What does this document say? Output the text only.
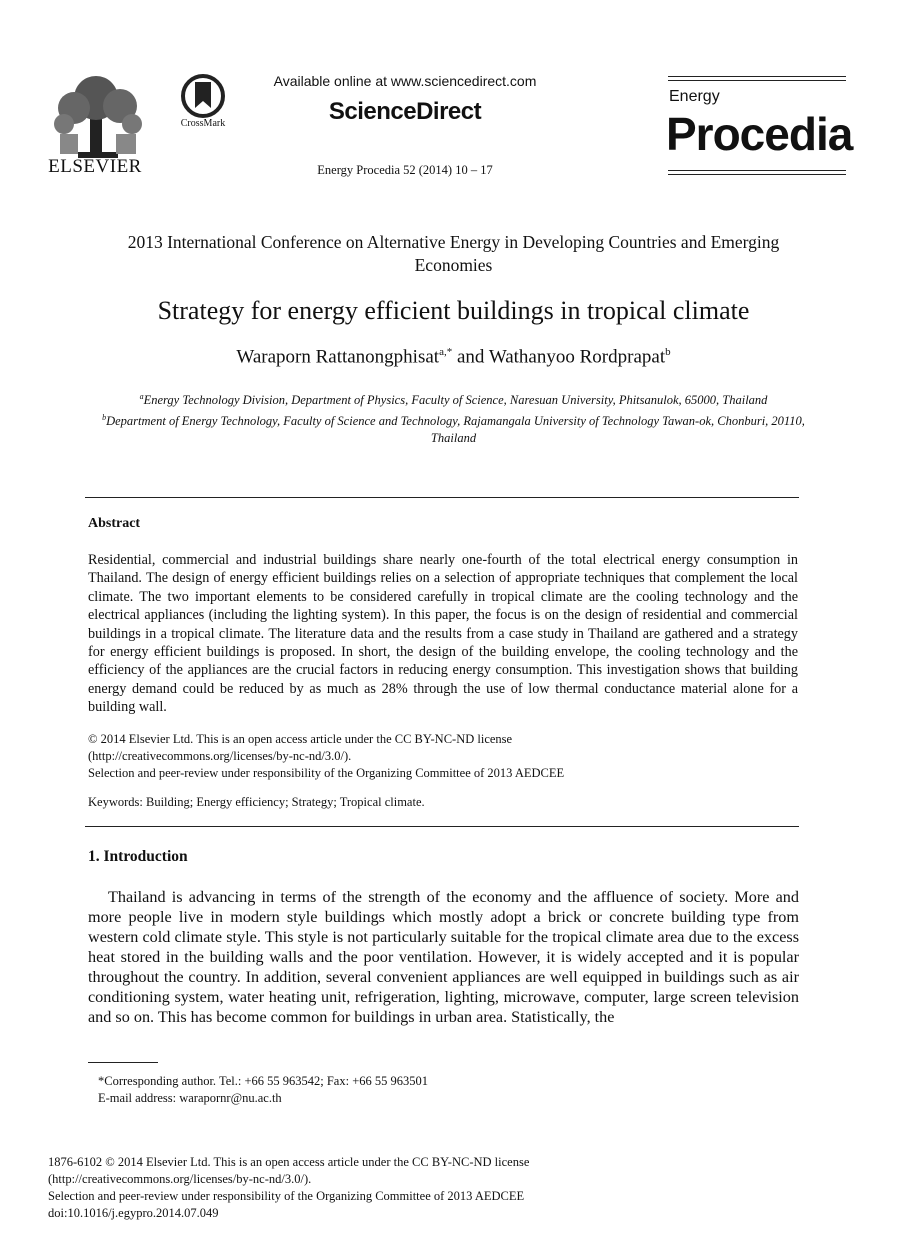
ELSEVIER
CrossMark
Available online at www.sciencedirect.com
ScienceDirect
Energy Procedia 52 (2014) 10 – 17
Energy
Procedia
2013 International Conference on Alternative Energy in Developing Countries and Emerging Economies
Strategy for energy efficient buildings in tropical climate
Waraporn Rattanongphisat$^{a,*}$ and Wathanyoo Rordprapat$^b$
$^a$Energy Technology Division, Department of Physics, Faculty of Science, Naresuan University, Phitsanulok, 65000, Thailand
$^b$Department of Energy Technology, Faculty of Science and Technology, Rajamangala University of Technology Tawan-ok, Chonburi, 20110, Thailand
Abstract
Residential, commercial and industrial buildings share nearly one-fourth of the total electrical energy consumption in Thailand. The design of energy efficient buildings relies on a selection of appropriate techniques that complement the local climate. The two important elements to be considered carefully in tropical climate are the cooling technology and the electrical appliances (including the lighting system). In this paper, the focus is on the design of residential and commercial buildings in a tropical climate. The literature data and the results from a case study in Thailand are gathered and a strategy for energy efficient buildings is proposed. In short, the design of the building envelope, the cooling technology and the efficiency of the appliances are the crucial factors in reducing energy consumption. This investigation shows that building energy demand could be reduced by as much as 28% through the use of low thermal conductance material alone for a building wall.
© 2014 Elsevier Ltd. This is an open access article under the CC BY-NC-ND license
(http://creativecommons.org/licenses/by-nc-nd/3.0/).
Selection and peer-review under responsibility of the Organizing Committee of 2013 AEDCEE
Keywords: Building; Energy efficiency; Strategy; Tropical climate.
1. Introduction

Thailand is advancing in terms of the strength of the economy and the affluence of society. More and more people live in modern style buildings which mostly adopt a brick or concrete building type from western cold climate style. This style is not particularly suitable for the tropical climate area due to the excess heat stored in the building walls and the poor ventilation. However, it is widely accepted and it is popular throughout the country. In addition, several convenient appliances are well equipped in buildings such as air conditioning system, water heating unit, refrigeration, lighting, microwave, computer, large screen television and so on. This has become common for buildings in urban area. Statistically, the

*Corresponding author. Tel.: +66 55 963542; Fax: +66 55 963501
E-mail address: warapornr@nu.ac.th
1876-6102 © 2014 Elsevier Ltd. This is an open access article under the CC BY-NC-ND license
(http://creativecommons.org/licenses/by-nc-nd/3.0/).
Selection and peer-review under responsibility of the Organizing Committee of 2013 AEDCEE
doi:10.1016/j.egypro.2014.07.049
